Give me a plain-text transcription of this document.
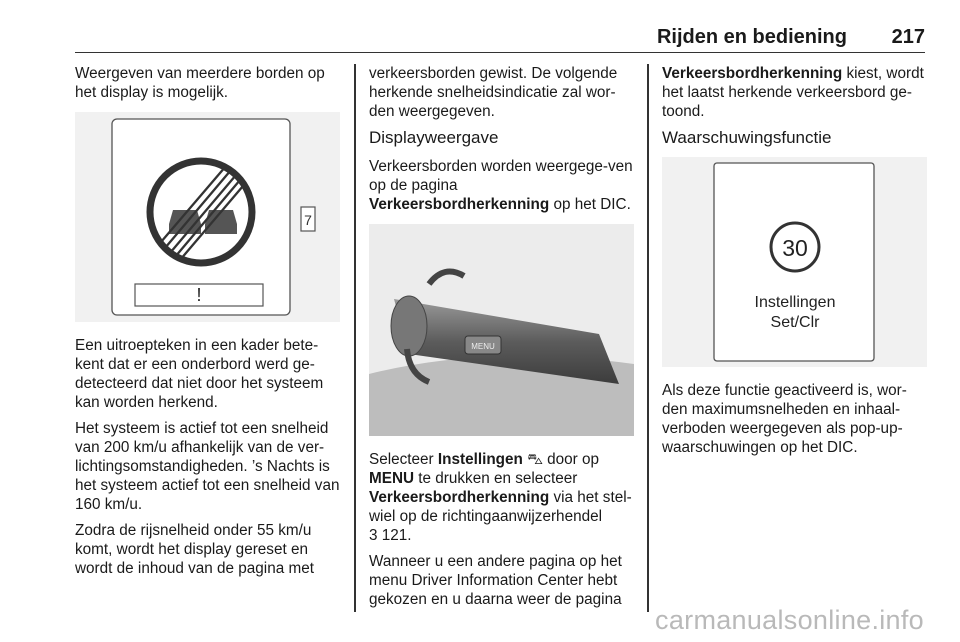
Rijden en bediening 217

Weergeven van meerdere borden op het display is mogelijk.

!
7

Een uitroepteken in een kader bete-kent dat er een onderbord werd ge-detecteerd dat niet door het systeem kan worden herkend.

Het systeem is actief tot een snelheid van 200 km/u afhankelijk van de ver-lichtingsomstandigheden. ’s Nachts is het systeem actief tot een snelheid van 160 km/u.

Zodra de rijsnelheid onder 55 km/u komt, wordt het display gereset en wordt de inhoud van de pagina met

verkeersborden gewist. De volgende herkende snelheidsindicatie zal wor-den weergegeven.

Displayweergave

Verkeersborden worden weergege-ven op de pagina
Verkeersbordherkenning op het DIC.

MENU

Selecteer Instellingen ⛍ door op
MENU te drukken en selecteer
Verkeersbordherkenning via het stel-wiel op de richtingaanwijzerhendel
3 121.

Wanneer u een andere pagina op het menu Driver Information Center hebt gekozen en u daarna weer de pagina

Verkeersbordherkenning kiest, wordt het laatst herkende verkeersbord ge-toond.

Waarschuwingsfunctie
30
Instellingen
Set/Clr

Als deze functie geactiveerd is, wor-den maximumsnelheden en inhaal-verboden weergegeven als pop-up-waarschuwingen op het DIC.

carmanualsonline.info
